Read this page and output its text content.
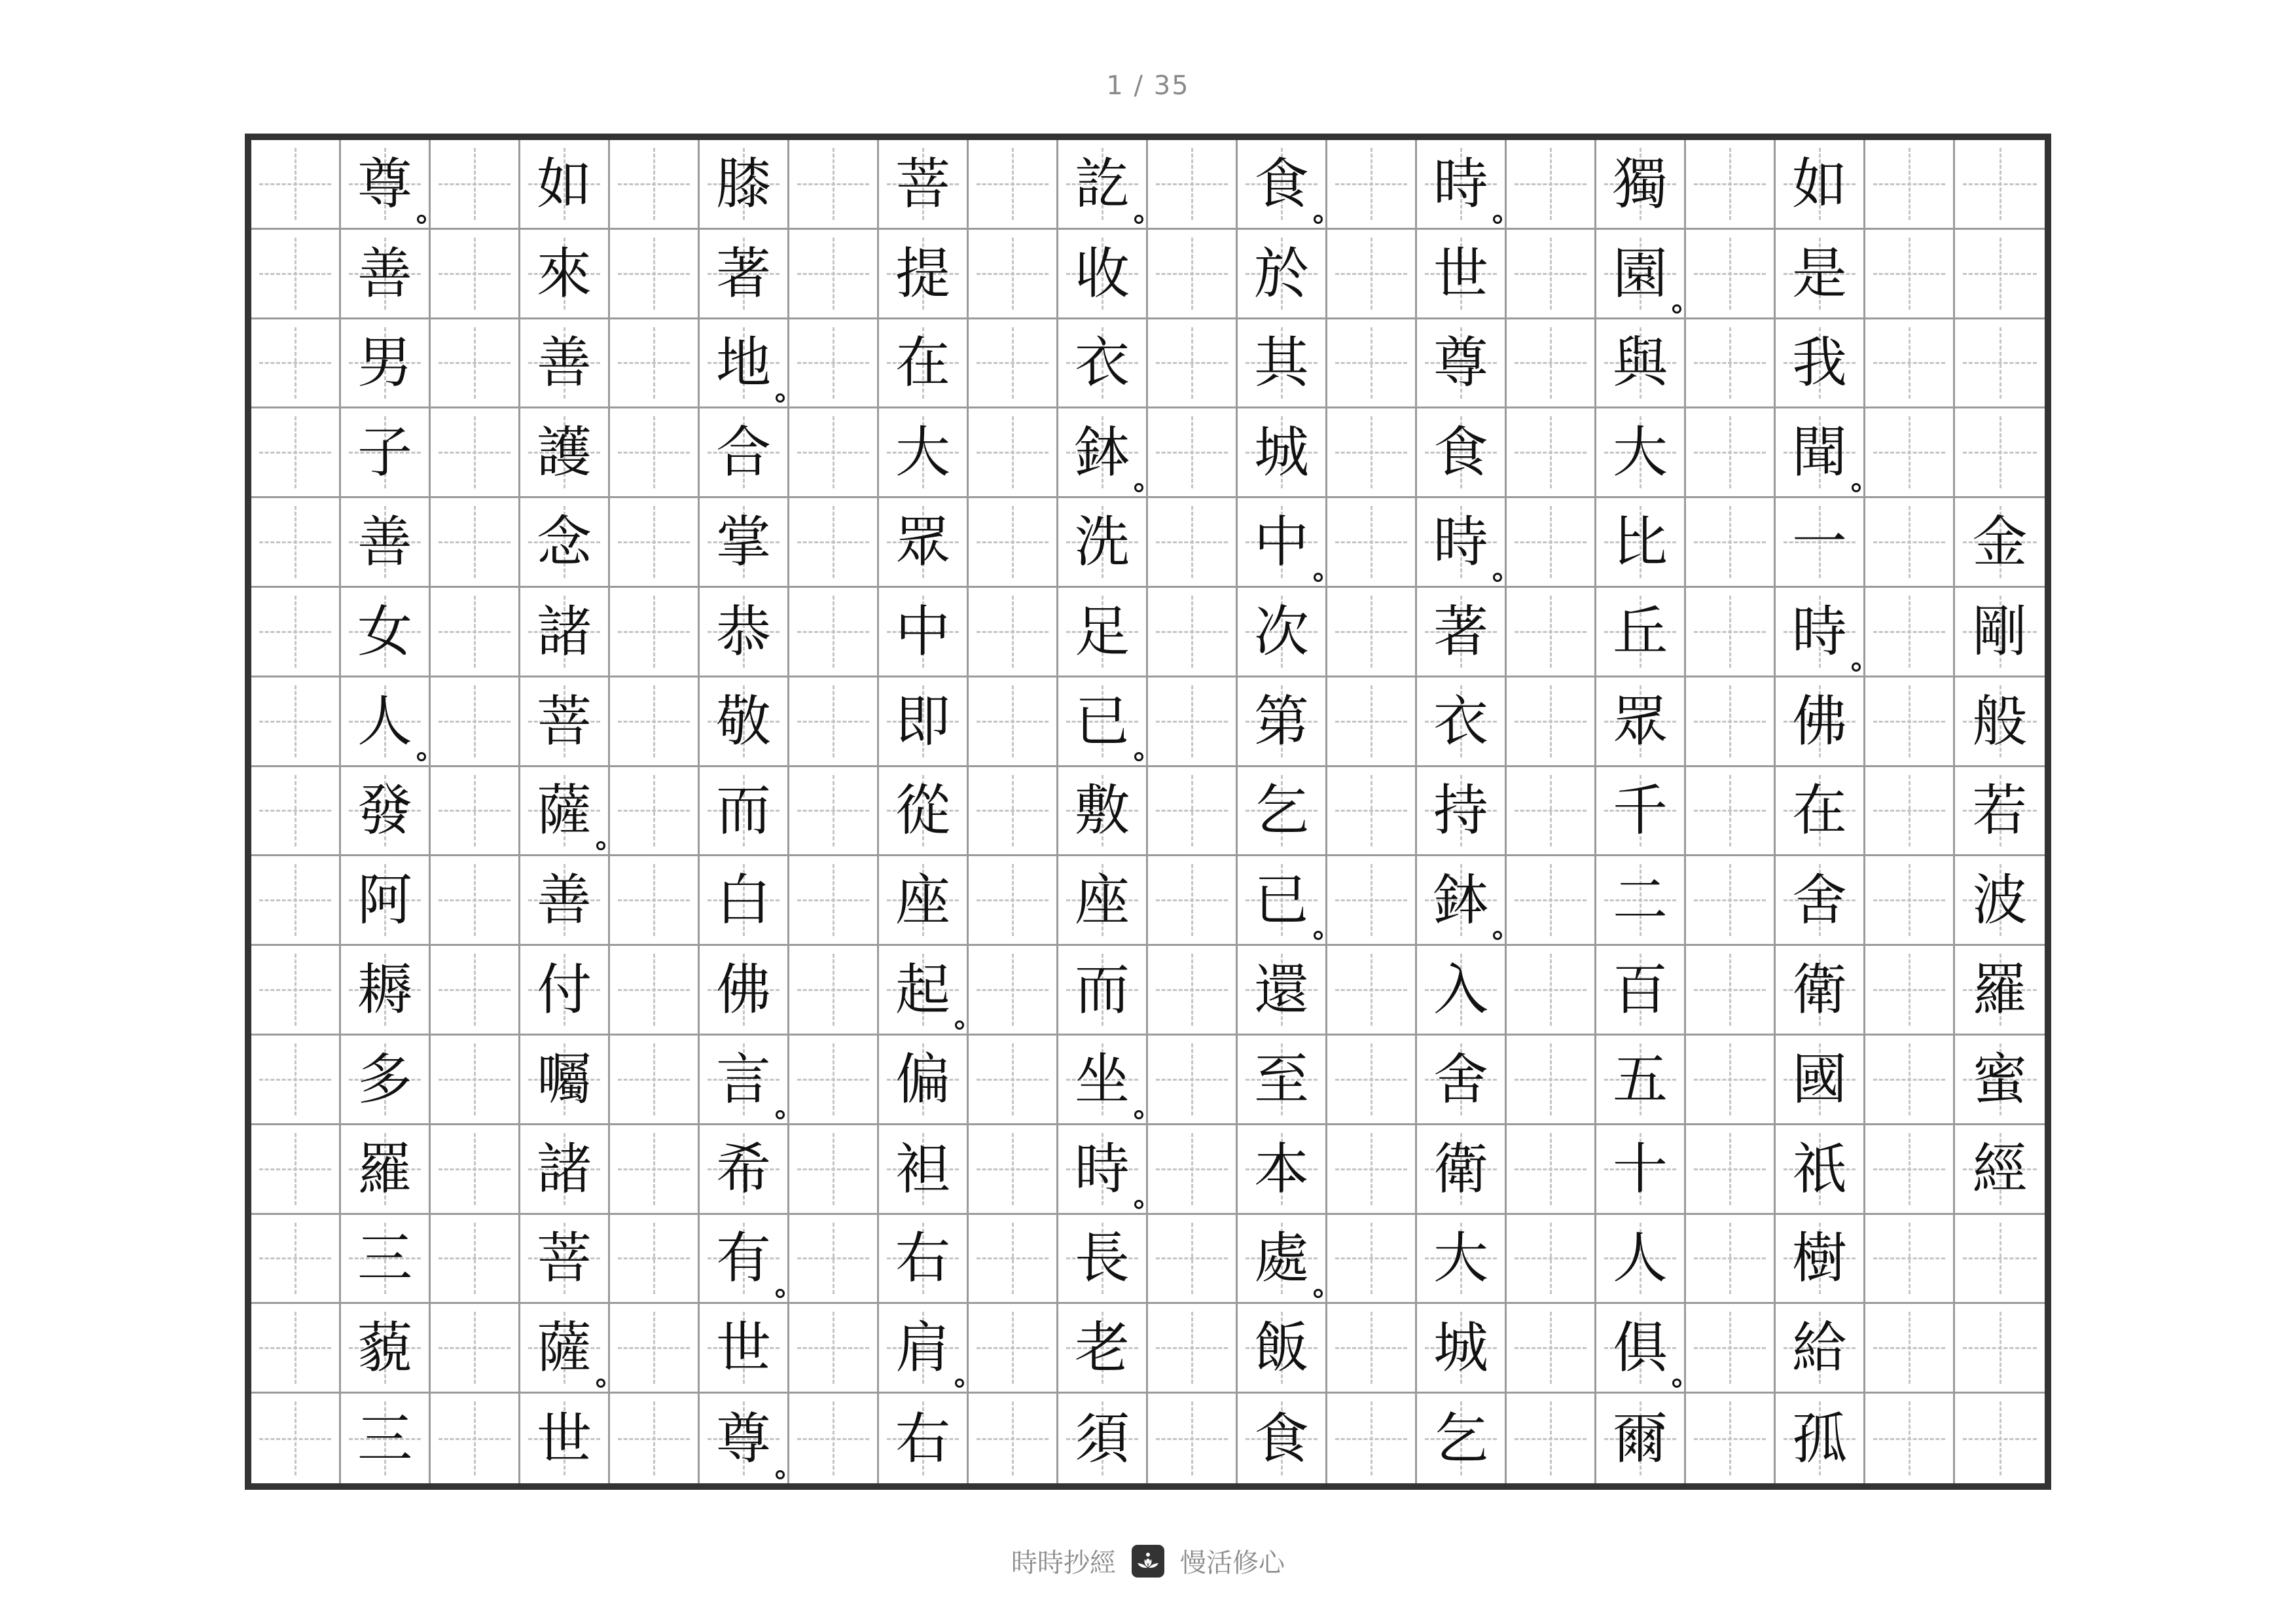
1 / 35
尊 如 膝 菩 訖 食 時 獨 如
善 來 著 提 收 於 世 園 是
男 善 地 在 衣 其 尊 與 我
子 護 合 大 鉢 城 食 大 聞
善 念 掌 眾 洗 中 時 比 一	金
女 諸 恭 中 足 次 著 丘 時	剛
人 菩 敬 即 已 第 衣 眾 佛	般
發 薩 而 從 敷 乞 持 千 在	若
阿 善 白 座 座 已 鉢 二 舍	波
耨 付 佛 起 而 還 入 百 衛	羅
多 囑 言 偏 坐 至 舍 五 國	蜜
羅 諸 希 袒 時 本 衛 十 祇	經
三 菩 有 右 長 處 大 人 樹
藐 薩 世 肩 老 飯 城 俱 給
三 世 尊 右 須 食 乞 爾 孤
時時抄經 慢活修心
